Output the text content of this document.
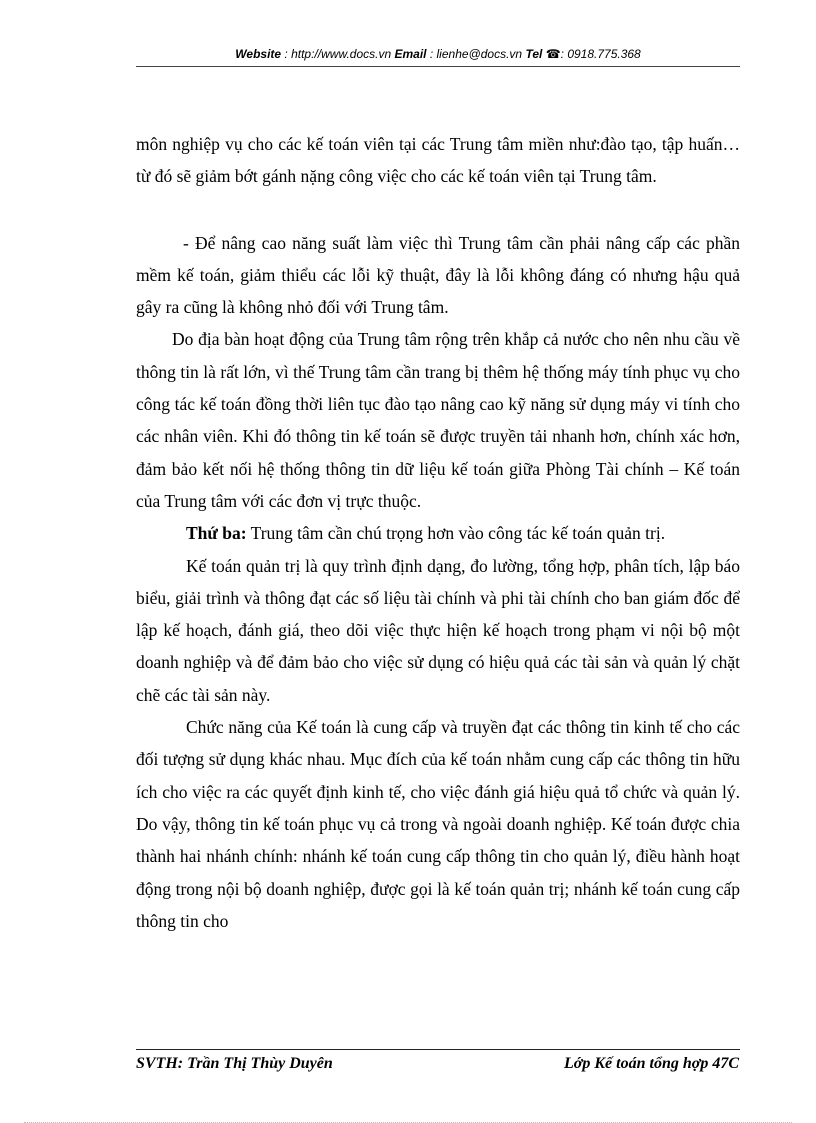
Website : http://www.docs.vn Email : lienhe@docs.vn Tel ☎: 0918.775.368

môn nghiệp vụ cho các kế toán viên tại các Trung tâm miền như:đào tạo, tập huấn… từ đó sẽ giảm bớt gánh nặng công việc cho các kế toán viên tại Trung tâm.

- Để nâng cao năng suất làm việc thì Trung tâm cần phải nâng cấp các phần mềm kế toán, giảm thiểu các lỗi kỹ thuật, đây là lỗi không đáng có nhưng hậu quả gây ra cũng là không nhỏ đối với Trung tâm.

Do địa bàn hoạt động của Trung tâm rộng trên khắp cả nước cho nên nhu cầu về thông tin là rất lớn, vì thế Trung tâm cần trang bị thêm hệ thống máy tính phục vụ cho công tác kế toán đồng thời liên tục đào tạo nâng cao kỹ năng sử dụng máy vi tính cho các nhân viên. Khi đó thông tin kế toán sẽ được truyền tải nhanh hơn, chính xác hơn, đảm bảo kết nối hệ thống thông tin dữ liệu kế toán giữa Phòng Tài chính – Kế toán của Trung tâm với các đơn vị trực thuộc.

Thứ ba: Trung tâm cần chú trọng hơn vào công tác kế toán quản trị.

Kế toán quản trị là quy trình định dạng, đo lường, tổng hợp, phân tích, lập báo biểu, giải trình và thông đạt các số liệu tài chính và phi tài chính cho ban giám đốc để lập kế hoạch, đánh giá, theo dõi việc thực hiện kế hoạch trong phạm vi nội bộ một doanh nghiệp và để đảm bảo cho việc sử dụng có hiệu quả các tài sản và quản lý chặt chẽ các tài sản này.

Chức năng của Kế toán là cung cấp và truyền đạt các thông tin kinh tế cho các đối tượng sử dụng khác nhau. Mục đích của kế toán nhằm cung cấp các thông tin hữu ích cho việc ra các quyết định kinh tế, cho việc đánh giá hiệu quả tổ chức và quản lý. Do vậy, thông tin kế toán phục vụ cả trong và ngoài doanh nghiệp. Kế toán được chia thành hai nhánh chính: nhánh kế toán cung cấp thông tin cho quản lý, điều hành hoạt động trong nội bộ doanh nghiệp, được gọi là kế toán quản trị; nhánh kế toán cung cấp thông tin cho

SVTH: Trần Thị Thùy Duyên	Lớp Kế toán tổng hợp 47C
